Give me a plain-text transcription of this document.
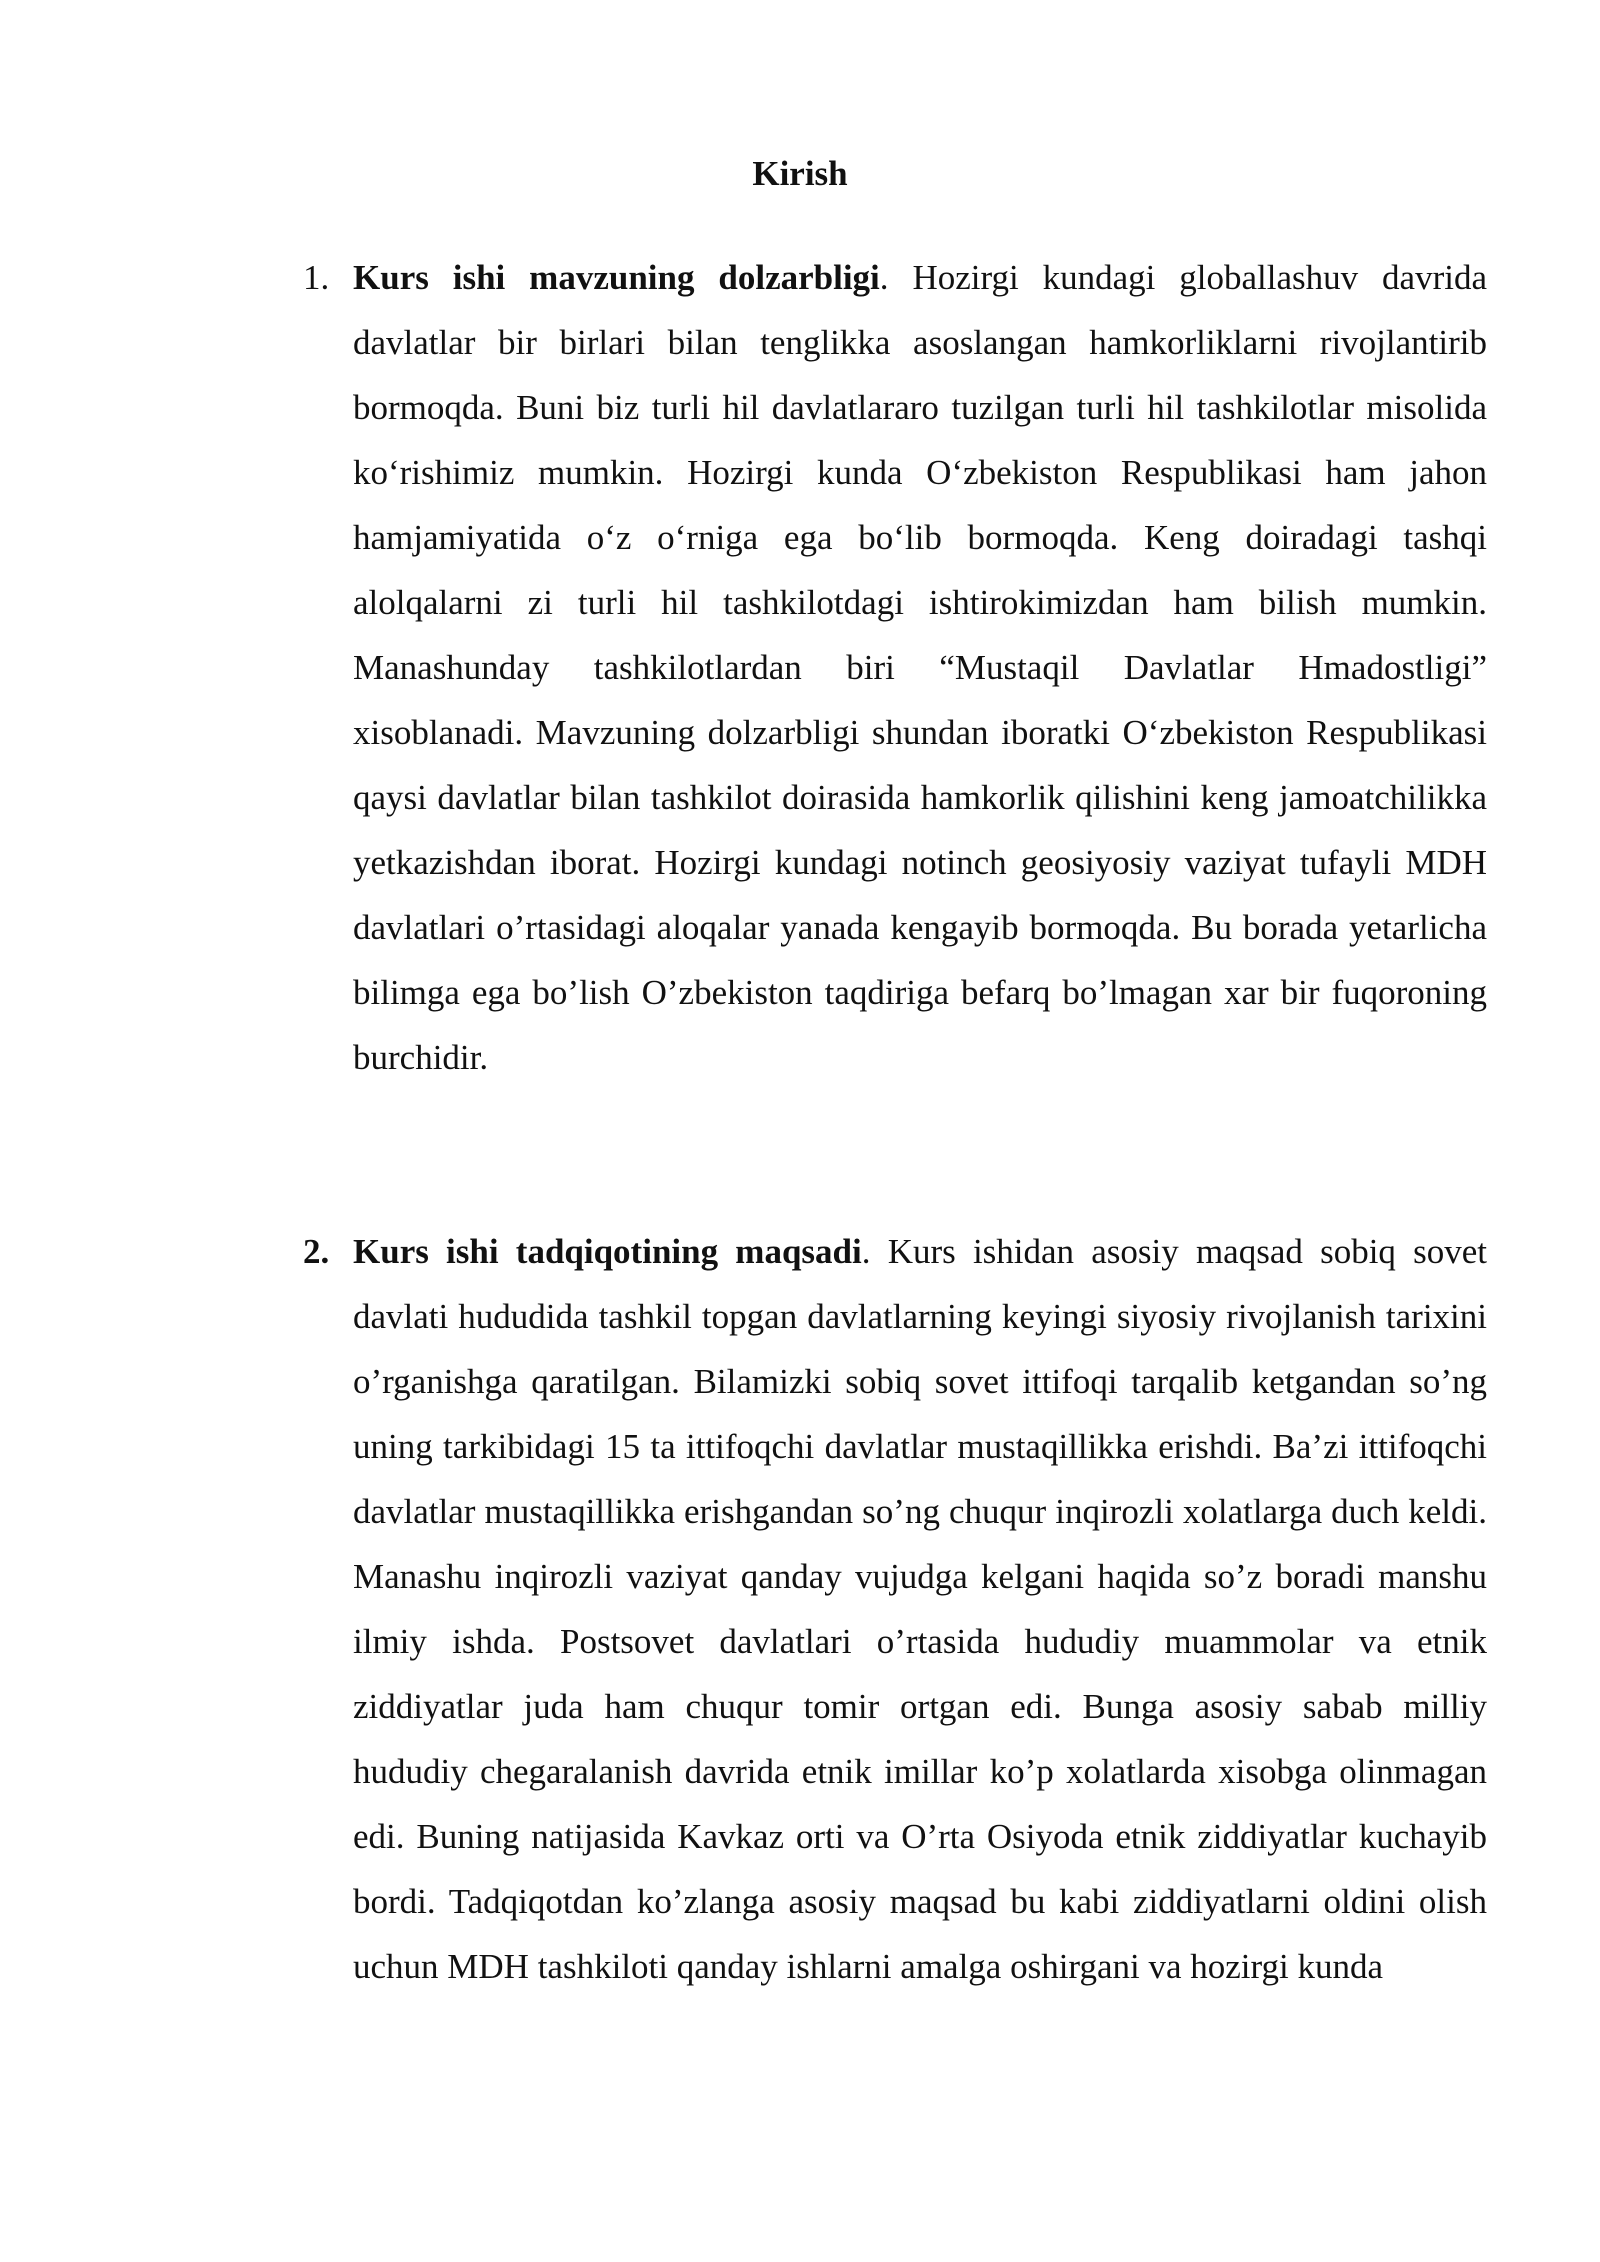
Kirish
1. Kurs ishi mavzuning dolzarbligi. Hozirgi kundagi globallashuv davrida davlatlar bir birlari bilan tenglikka asoslangan hamkorliklarni rivojlantirib bormoqda. Buni biz turli hil davlatlararo tuzilgan turli hil tashkilotlar misolida koʻrishimiz mumkin. Hozirgi kunda Oʻzbekiston Respublikasi ham jahon hamjamiyatida oʻz oʻrniga ega boʻlib bormoqda. Keng doiradagi tashqi alolqalarni zi turli hil tashkilotdagi ishtirokimizdan ham bilish mumkin. Manashunday tashkilotlardan biri “Mustaqil Davlatlar Hmadostligi” xisoblanadi. Mavzuning dolzarbligi shundan iboratki Oʻzbekiston Respublikasi qaysi davlatlar bilan tashkilot doirasida hamkorlik qilishini keng jamoatchilikka yetkazishdan iborat. Hozirgi kundagi notinch geosiyosiy vaziyat tufayli MDH davlatlari o’rtasidagi aloqalar yanada kengayib bormoqda. Bu borada yetarlicha bilimga ega bo’lish O’zbekiston taqdiriga befarq bo’lmagan xar bir fuqoroning burchidir.
2. Kurs ishi tadqiqotining maqsadi. Kurs ishidan asosiy maqsad sobiq sovet davlati hududida tashkil topgan davlatlarning keyingi siyosiy rivojlanish tarixini o’rganishga qaratilgan. Bilamizki sobiq sovet ittifoqi tarqalib ketgandan so’ng uning tarkibidagi 15 ta ittifoqchi davlatlar mustaqillikka erishdi. Ba’zi ittifoqchi davlatlar mustaqillikka erishgandan so’ng chuqur inqirozli xolatlarga duch keldi. Manashu inqirozli vaziyat qanday vujudga kelgani haqida so’z boradi manshu ilmiy ishda. Postsovet davlatlari o’rtasida hududiy muammolar va etnik ziddiyatlar juda ham chuqur tomir ortgan edi. Bunga asosiy sabab milliy hududiy chegaralanish davrida etnik imillar ko’p xolatlarda xisobga olinmagan edi. Buning natijasida Kavkaz orti va O’rta Osiyoda etnik ziddiyatlar kuchayib bordi. Tadqiqotdan ko’zlanga asosiy maqsad bu kabi ziddiyatlarni oldini olish uchun MDH tashkiloti qanday ishlarni amalga oshirgani va hozirgi kunda
